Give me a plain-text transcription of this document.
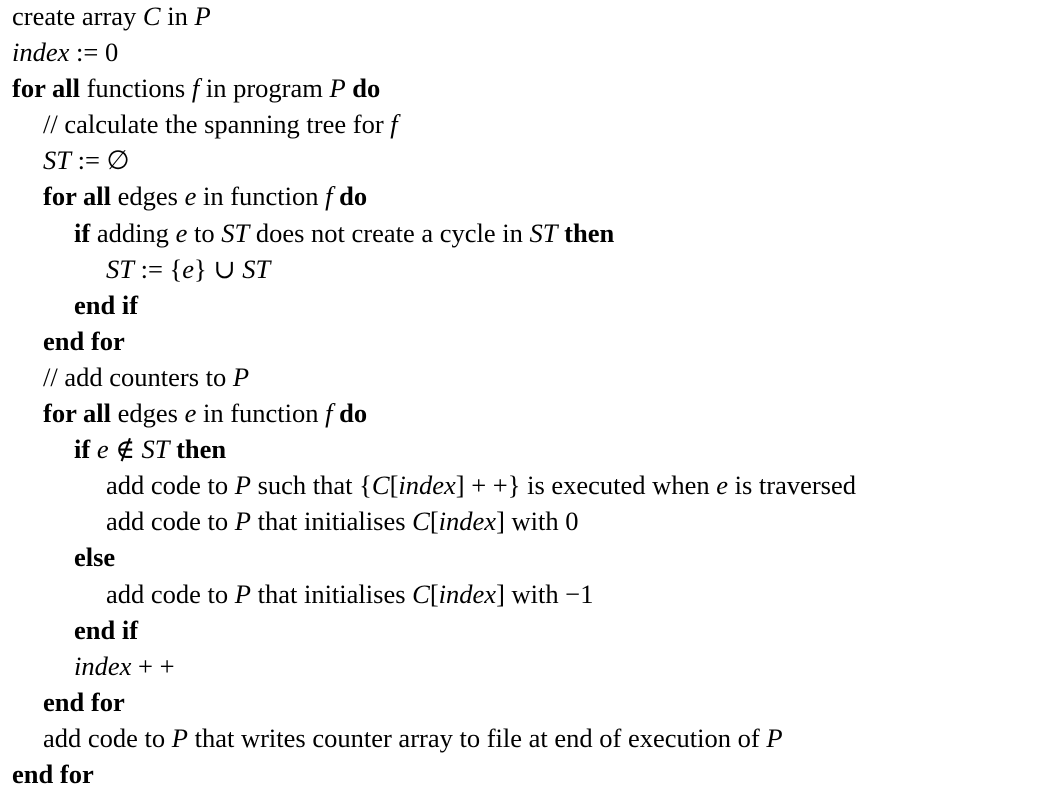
create array C in P
index := 0
for all functions f in program P do
// calculate the spanning tree for f
ST := ∅
for all edges e in function f do
if adding e to ST does not create a cycle in ST then
ST := {e} ∪ ST
end if
end for
// add counters to P
for all edges e in function f do
if e ∉ ST then
add code to P such that {C[index] + +} is executed when e is traversed
add code to P that initialises C[index] with 0
else
add code to P that initialises C[index] with −1
end if
index + +
end for
add code to P that writes counter array to file at end of execution of P
end for
